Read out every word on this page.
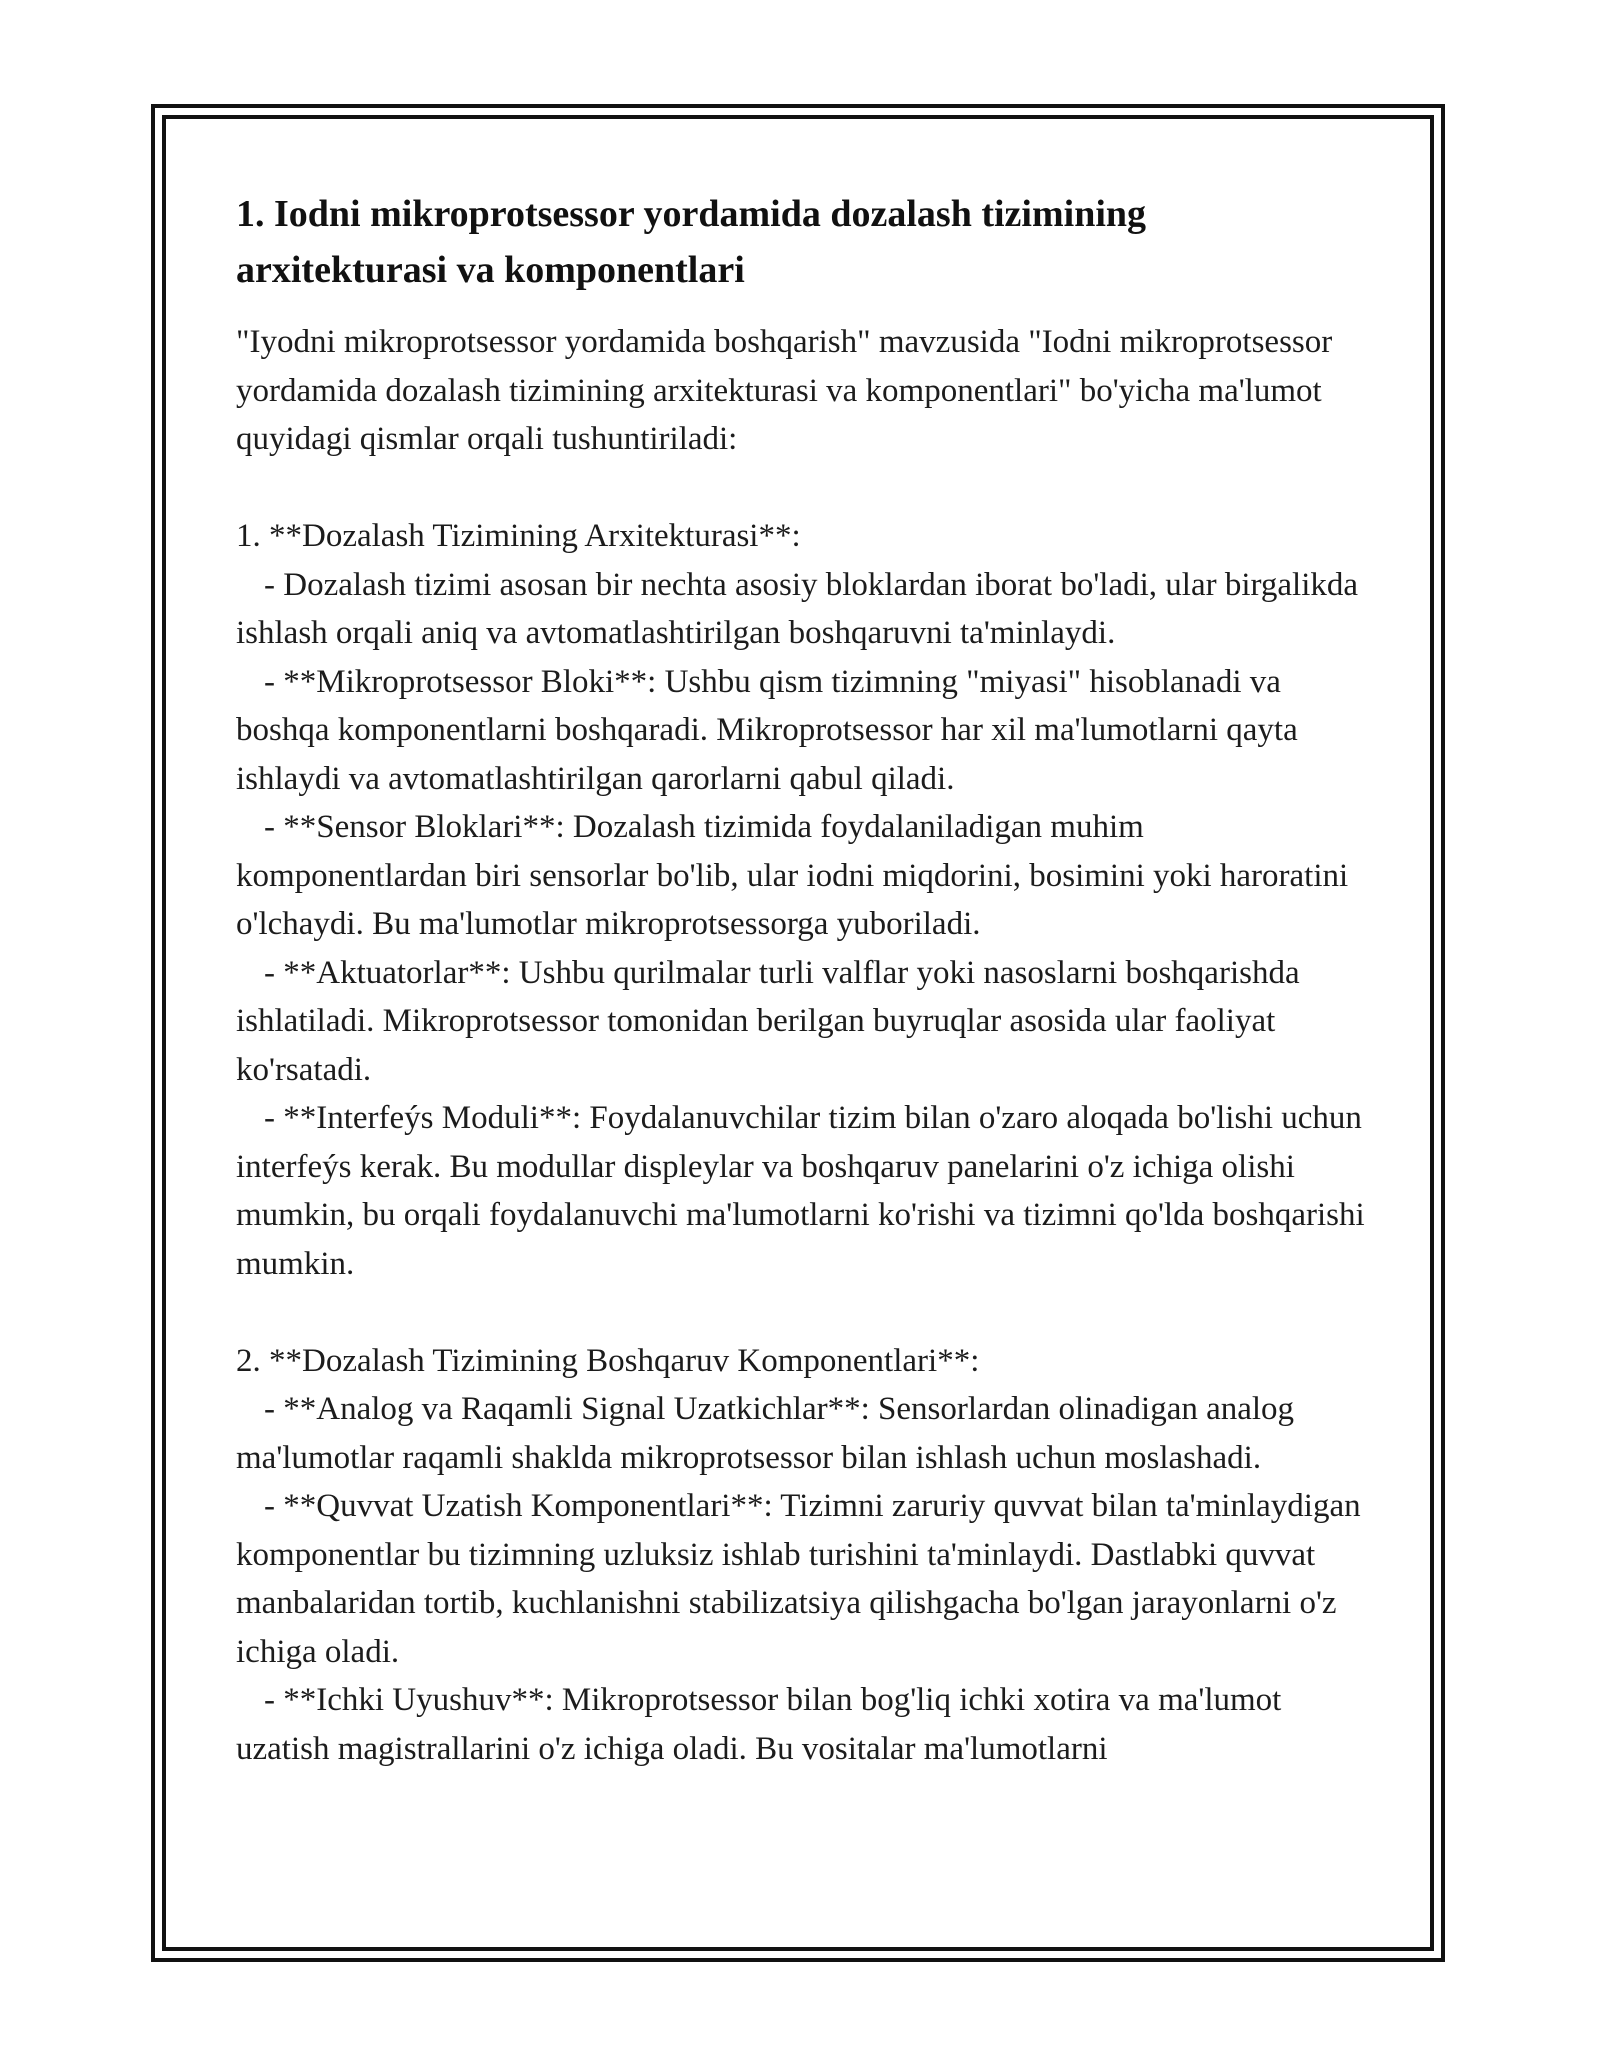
1. Iodni mikroprotsessor yordamida dozalash tizimining arxitekturasi va komponentlari

"Iyodni mikroprotsessor yordamida boshqarish" mavzusida "Iodni mikroprotsessor yordamida dozalash tizimining arxitekturasi va komponentlari" bo'yicha ma'lumot quyidagi qismlar orqali tushuntiriladi:

1. **Dozalash Tizimining Arxitekturasi**:

- Dozalash tizimi asosan bir nechta asosiy bloklardan iborat bo'ladi, ular birgalikda ishlash orqali aniq va avtomatlashtirilgan boshqaruvni ta'minlaydi.

- **Mikroprotsessor Bloki**: Ushbu qism tizimning "miyasi" hisoblanadi va boshqa komponentlarni boshqaradi. Mikroprotsessor har xil ma'lumotlarni qayta ishlaydi va avtomatlashtirilgan qarorlarni qabul qiladi.

- **Sensor Bloklari**: Dozalash tizimida foydalaniladigan muhim komponentlardan biri sensorlar bo'lib, ular iodni miqdorini, bosimini yoki haroratini o'lchaydi. Bu ma'lumotlar mikroprotsessorga yuboriladi.

- **Aktuatorlar**: Ushbu qurilmalar turli valflar yoki nasoslarni boshqarishda ishlatiladi. Mikroprotsessor tomonidan berilgan buyruqlar asosida ular faoliyat ko'rsatadi.

- **Interfeýs Moduli**: Foydalanuvchilar tizim bilan o'zaro aloqada bo'lishi uchun interfeýs kerak. Bu modullar displeylar va boshqaruv panelarini o'z ichiga olishi mumkin, bu orqali foydalanuvchi ma'lumotlarni ko'rishi va tizimni qo'lda boshqarishi mumkin.

2. **Dozalash Tizimining Boshqaruv Komponentlari**:

- **Analog va Raqamli Signal Uzatkichlar**: Sensorlardan olinadigan analog ma'lumotlar raqamli shaklda mikroprotsessor bilan ishlash uchun moslashadi.

- **Quvvat Uzatish Komponentlari**: Tizimni zaruriy quvvat bilan ta'minlaydigan komponentlar bu tizimning uzluksiz ishlab turishini ta'minlaydi. Dastlabki quvvat manbalaridan tortib, kuchlanishni stabilizatsiya qilishgacha bo'lgan jarayonlarni o'z ichiga oladi.

- **Ichki Uyushuv**: Mikroprotsessor bilan bog'liq ichki xotira va ma'lumot uzatish magistrallarini o'z ichiga oladi. Bu vositalar ma'lumotlarni
